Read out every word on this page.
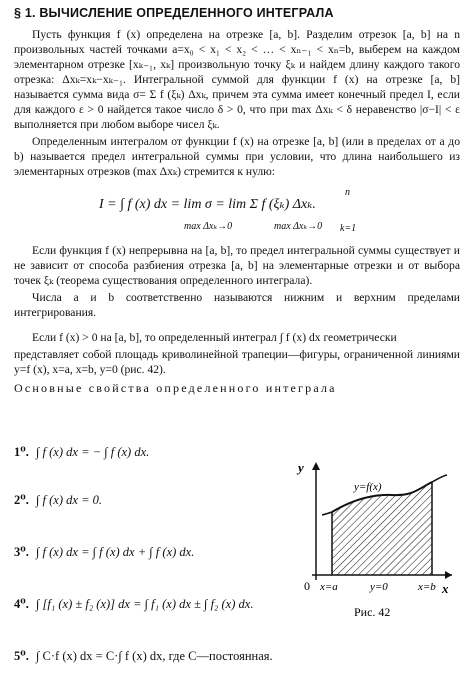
§ 1. ВЫЧИСЛЕНИЕ ОПРЕДЕЛЕННОГО ИНТЕГРАЛА

Пусть функция f (x) определена на отрезке [a, b]. Разделим отрезок [a, b] на n произвольных частей точками a=x₀ < x₁ < x₂ < … < xₙ₋₁ < xₙ=b, выберем на каждом элементарном отрезке [xₖ₋₁, xₖ] произвольную точку ξₖ и найдем длину каждого такого отрезка: Δxₖ=xₖ−xₖ₋₁. Интегральной суммой для функции f (x) на отрезке [a, b] называется сумма вида σ= Σ f (ξₖ) Δxₖ, причем эта сумма имеет конечный предел I, если для каждого ε > 0 найдется такое число δ > 0, что при max Δxₖ < δ неравенство |σ−I| < ε выполняется при любом выборе чисел ξₖ.

Определенным интегралом от функции f (x) на отрезке [a, b] (или в пределах от a до b) называется предел интегральной суммы при условии, что длина наибольшего из элементарных отрезков (max Δxₖ) стремится к нулю:

I = ∫ f (x) dx = lim σ = lim Σ f (ξₖ) Δxₖ.
max Δxₖ→0	max Δxₖ→0
n
k=1

Если функция f (x) непрерывна на [a, b], то предел интегральной суммы существует и не зависит от способа разбиения отрезка [a, b] на элементарные отрезки и от выбора точек ξₖ (теорема существования определенного интеграла).

Числа a и b соответственно называются нижним и верхним пределами интегрирования.

Если f (x) > 0 на [a, b], то определенный интеграл ∫ f (x) dx геометрически

представляет собой площадь криволинейной трапеции—фигуры, ограниченной линиями y=f (x), x=a, x=b, y=0 (рис. 42).

Основные свойства определенного интеграла
1⁰. ∫ f (x) dx = − ∫ f (x) dx.
2⁰. ∫ f (x) dx = 0.
3⁰. ∫ f (x) dx = ∫ f (x) dx + ∫ f (x) dx.
4⁰. ∫ [f₁ (x) ± f₂ (x)] dx = ∫ f₁ (x) dx ± ∫ f₂ (x) dx.
5⁰. ∫ C·f (x) dx = C·∫ f (x) dx, где C—постоянная.
y
x
0
y=f(x)
x=a	y=0	x=b
Рис. 42
